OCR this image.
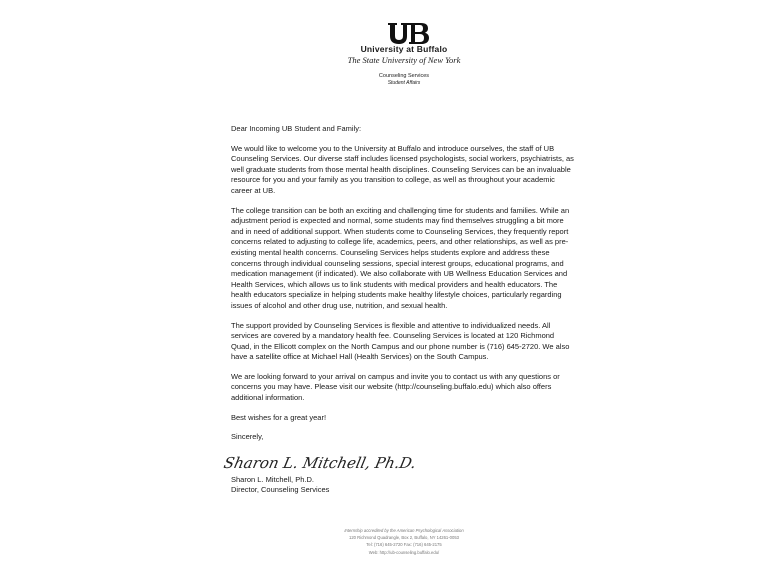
University at Buffalo
The State University of New York
Counseling Services
Student Affairs

Dear Incoming UB Student and Family:

We would like to welcome you to the University at Buffalo and introduce ourselves, the staff of UB Counseling Services. Our diverse staff includes licensed psychologists, social workers, psychiatrists, as well graduate students from those mental health disciplines. Counseling Services can be an invaluable resource for you and your family as you transition to college, as well as throughout your academic career at UB.

The college transition can be both an exciting and challenging time for students and families. While an adjustment period is expected and normal, some students may find themselves struggling a bit more and in need of additional support. When students come to Counseling Services, they frequently report concerns related to adjusting to college life, academics, peers, and other relationships, as well as pre-existing mental health concerns. Counseling Services helps students explore and address these concerns through individual counseling sessions, special interest groups, educational programs, and medication management (if indicated). We also collaborate with UB Wellness Education Services and Health Services, which allows us to link students with medical providers and health educators. The health educators specialize in helping students make healthy lifestyle choices, particularly regarding issues of alcohol and other drug use, nutrition, and sexual health.

The support provided by Counseling Services is flexible and attentive to individualized needs. All services are covered by a mandatory health fee. Counseling Services is located at 120 Richmond Quad, in the Ellicott complex on the North Campus and our phone number is (716) 645-2720. We also have a satellite office at Michael Hall (Health Services) on the South Campus.

We are looking forward to your arrival on campus and invite you to contact us with any questions or concerns you may have. Please visit our website (http://counseling.buffalo.edu) which also offers additional information.

Best wishes for a great year!

Sincerely,

Sharon L. Mitchell, Ph.D.

Sharon L. Mitchell, Ph.D.

Director, Counseling Services

Internship accredited by the American Psychological Association
120 Richmond Quadrangle, Box 2, Buffalo, NY 14261-0053
Tel: (716) 645-2720 Fax: (716) 645-2175
Web: http://ub-counseling.buffalo.edu/
